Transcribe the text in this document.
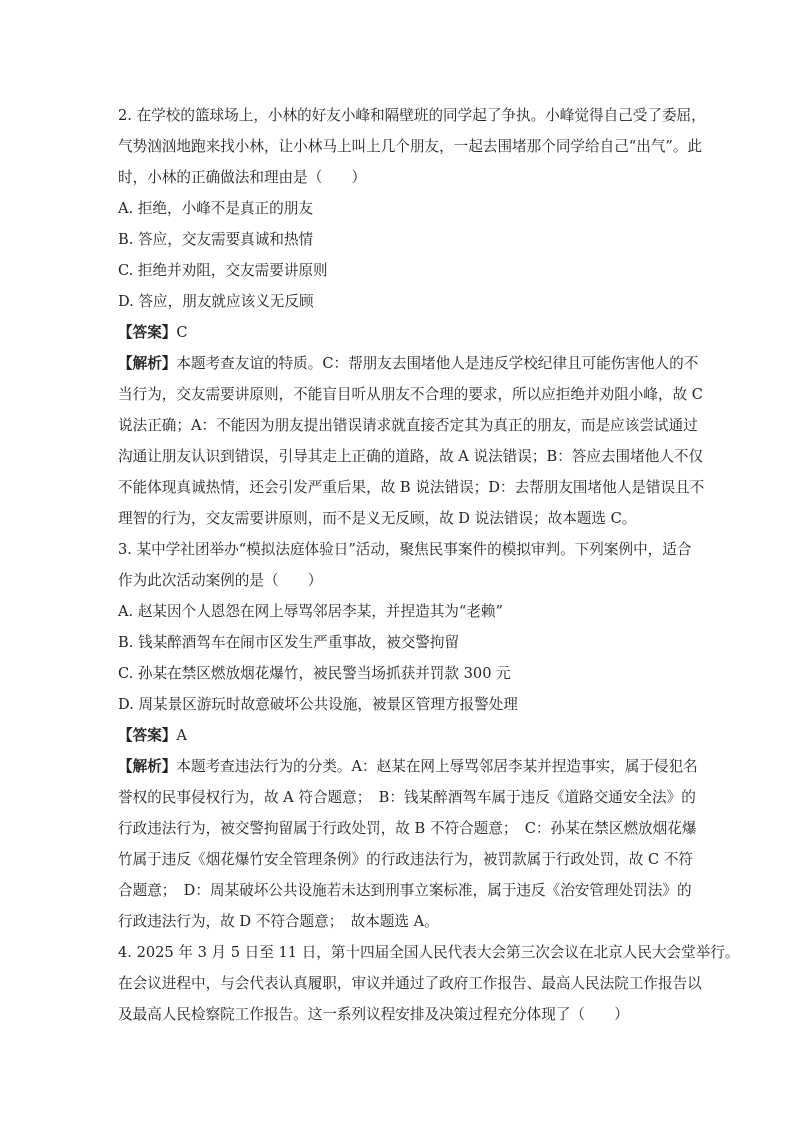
2. 在学校的篮球场上，小林的好友小峰和隔壁班的同学起了争执。小峰觉得自己受了委屈，
气势汹汹地跑来找小林，让小林马上叫上几个朋友，一起去围堵那个同学给自己“出气”。此
时，小林的正确做法和理由是（　　）
A. 拒绝，小峰不是真正的朋友
B. 答应，交友需要真诚和热情
C. 拒绝并劝阻，交友需要讲原则
D. 答应，朋友就应该义无反顾
【答案】C
【解析】本题考查友谊的特质。C：帮朋友去围堵他人是违反学校纪律且可能伤害他人的不
当行为，交友需要讲原则，不能盲目听从朋友不合理的要求，所以应拒绝并劝阻小峰，故 C
说法正确；A：不能因为朋友提出错误请求就直接否定其为真正的朋友，而是应该尝试通过
沟通让朋友认识到错误，引导其走上正确的道路，故 A 说法错误；B：答应去围堵他人不仅
不能体现真诚热情，还会引发严重后果，故 B 说法错误；D：去帮朋友围堵他人是错误且不
理智的行为，交友需要讲原则，而不是义无反顾，故 D 说法错误；故本题选 C。
3. 某中学社团举办“模拟法庭体验日”活动，聚焦民事案件的模拟审判。下列案例中，适合
作为此次活动案例的是（　　）
A. 赵某因个人恩怨在网上辱骂邻居李某，并捏造其为“老赖”
B. 钱某醉酒驾车在闹市区发生严重事故，被交警拘留
C. 孙某在禁区燃放烟花爆竹，被民警当场抓获并罚款 300 元
D. 周某景区游玩时故意破坏公共设施，被景区管理方报警处理
【答案】A
【解析】本题考查违法行为的分类。A：赵某在网上辱骂邻居李某并捏造事实，属于侵犯名
誉权的民事侵权行为，故 A 符合题意；　B：钱某醉酒驾车属于违反《道路交通安全法》的
行政违法行为，被交警拘留属于行政处罚，故 B 不符合题意；　C：孙某在禁区燃放烟花爆
竹属于违反《烟花爆竹安全管理条例》的行政违法行为，被罚款属于行政处罚，故 C 不符
合题意；　D：周某破坏公共设施若未达到刑事立案标准，属于违反《治安管理处罚法》的
行政违法行为，故 D 不符合题意；　故本题选 A。
4. 2025 年 3 月 5 日至 11 日，第十四届全国人民代表大会第三次会议在北京人民大会堂举行。
在会议进程中，与会代表认真履职，审议并通过了政府工作报告、最高人民法院工作报告以
及最高人民检察院工作报告。这一系列议程安排及决策过程充分体现了（　　）
